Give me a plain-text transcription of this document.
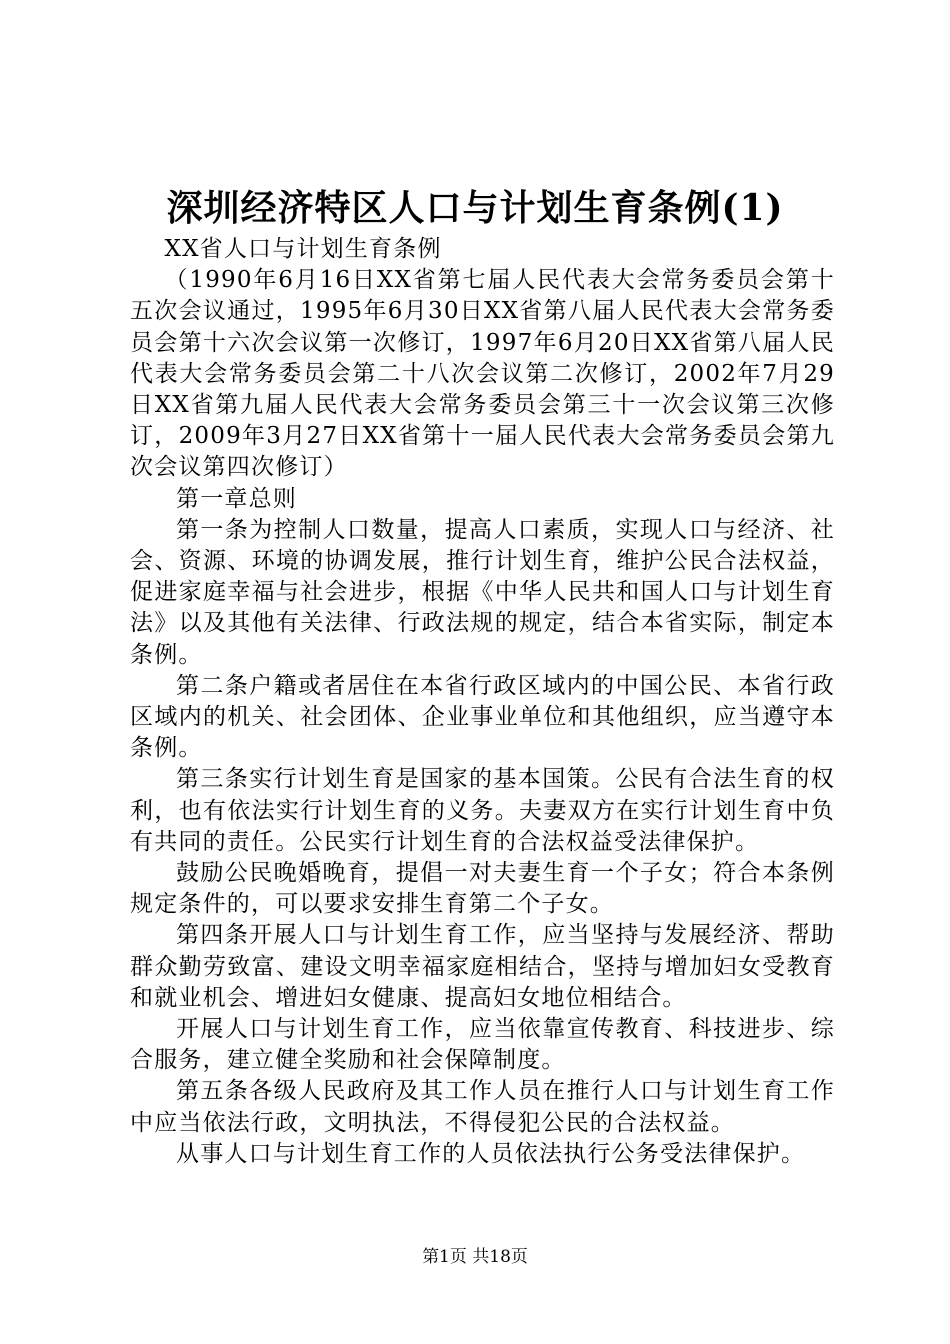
深圳经济特区人口与计划生育条例(1)

XX省人口与计划生育条例

（1990年6月16日XX省第七届人民代表大会常务委员会第十五次会议通过，1995年6月30日XX省第八届人民代表大会常务委员会第十六次会议第一次修订，1997年6月20日XX省第八届人民代表大会常务委员会第二十八次会议第二次修订，2002年7月29日XX省第九届人民代表大会常务委员会第三十一次会议第三次修订，2009年3月27日XX省第十一届人民代表大会常务委员会第九次会议第四次修订）

第一章总则

第一条为控制人口数量，提高人口素质，实现人口与经济、社会、资源、环境的协调发展，推行计划生育，维护公民合法权益，促进家庭幸福与社会进步，根据《中华人民共和国人口与计划生育法》以及其他有关法律、行政法规的规定，结合本省实际，制定本条例。

第二条户籍或者居住在本省行政区域内的中国公民、本省行政区域内的机关、社会团体、企业事业单位和其他组织，应当遵守本条例。

第三条实行计划生育是国家的基本国策。公民有合法生育的权利，也有依法实行计划生育的义务。夫妻双方在实行计划生育中负有共同的责任。公民实行计划生育的合法权益受法律保护。

鼓励公民晚婚晚育，提倡一对夫妻生育一个子女；符合本条例规定条件的，可以要求安排生育第二个子女。

第四条开展人口与计划生育工作，应当坚持与发展经济、帮助群众勤劳致富、建设文明幸福家庭相结合，坚持与增加妇女受教育和就业机会、增进妇女健康、提高妇女地位相结合。

开展人口与计划生育工作，应当依靠宣传教育、科技进步、综合服务，建立健全奖励和社会保障制度。

第五条各级人民政府及其工作人员在推行人口与计划生育工作中应当依法行政，文明执法，不得侵犯公民的合法权益。

从事人口与计划生育工作的人员依法执行公务受法律保护。

第1页 共18页
